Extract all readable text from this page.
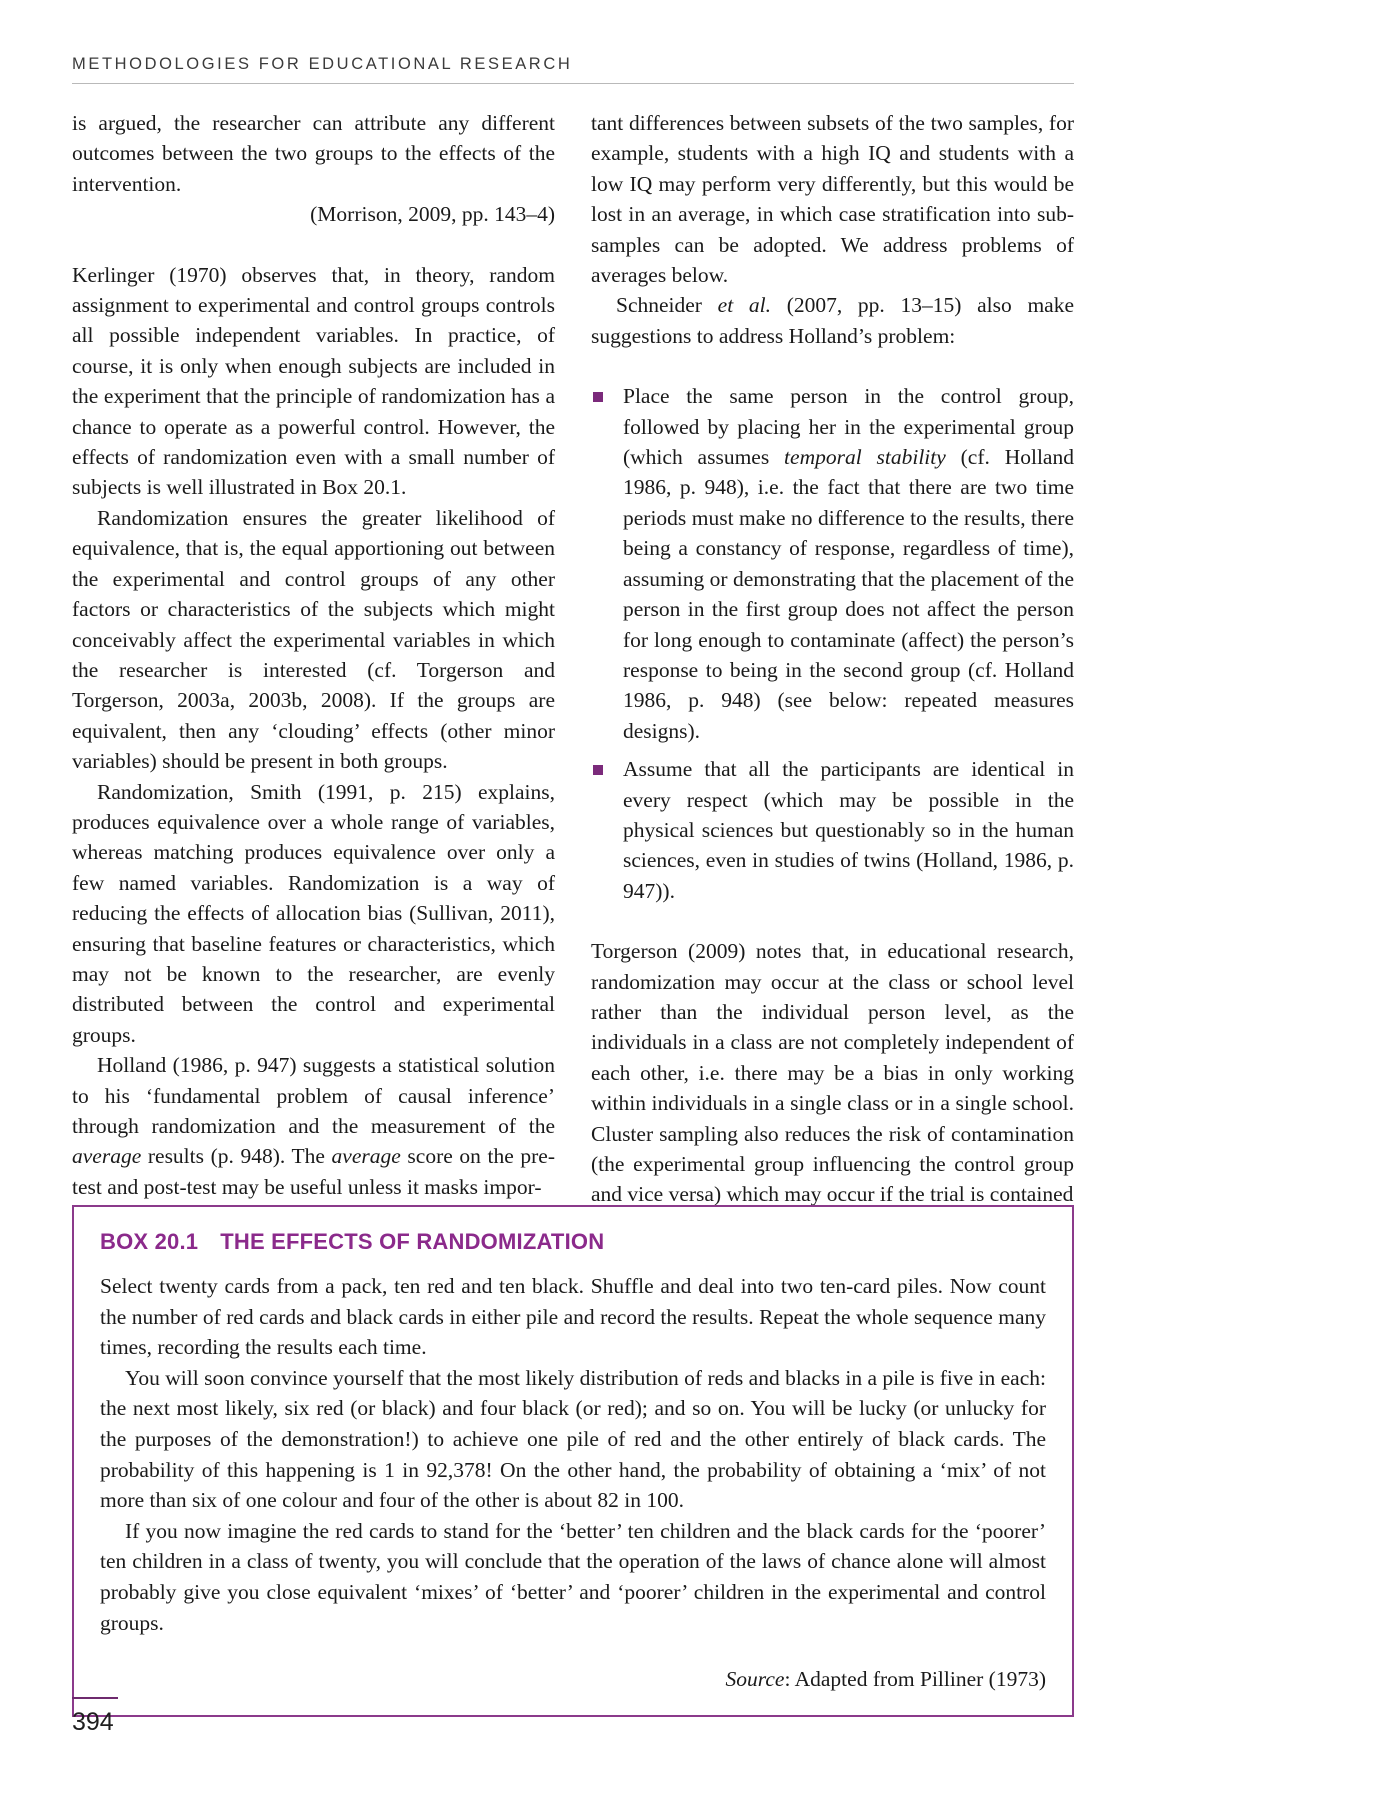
METHODOLOGIES FOR EDUCATIONAL RESEARCH

is argued, the researcher can attribute any different outcomes between the two groups to the effects of the intervention.

(Morrison, 2009, pp. 143–4)

Kerlinger (1970) observes that, in theory, random assignment to experimental and control groups controls all possible independent variables. In practice, of course, it is only when enough subjects are included in the experiment that the principle of randomization has a chance to operate as a powerful control. However, the effects of randomization even with a small number of subjects is well illustrated in Box 20.1.

Randomization ensures the greater likelihood of equivalence, that is, the equal apportioning out between the experimental and control groups of any other factors or characteristics of the subjects which might conceivably affect the experimental variables in which the researcher is interested (cf. Torgerson and Torgerson, 2003a, 2003b, 2008). If the groups are equivalent, then any ‘clouding’ effects (other minor variables) should be present in both groups.

Randomization, Smith (1991, p. 215) explains, produces equivalence over a whole range of variables, whereas matching produces equivalence over only a few named variables. Randomization is a way of reducing the effects of allocation bias (Sullivan, 2011), ensuring that baseline features or characteristics, which may not be known to the researcher, are evenly distributed between the control and experimental groups.

Holland (1986, p. 947) suggests a statistical solution to his ‘fundamental problem of causal inference’ through randomization and the measurement of the average results (p. 948). The average score on the pre-test and post-test may be useful unless it masks impor-

tant differences between subsets of the two samples, for example, students with a high IQ and students with a low IQ may perform very differently, but this would be lost in an average, in which case stratification into sub-samples can be adopted. We address problems of averages below.

Schneider et al. (2007, pp. 13–15) also make suggestions to address Holland’s problem:

Place the same person in the control group, followed by placing her in the experimental group (which assumes temporal stability (cf. Holland 1986, p. 948), i.e. the fact that there are two time periods must make no difference to the results, there being a constancy of response, regardless of time), assuming or demonstrating that the placement of the person in the first group does not affect the person for long enough to contaminate (affect) the person’s response to being in the second group (cf. Holland 1986, p. 948) (see below: repeated measures designs).
Assume that all the participants are identical in every respect (which may be possible in the physical sciences but questionably so in the human sciences, even in studies of twins (Holland, 1986, p. 947)).

Torgerson (2009) notes that, in educational research, randomization may occur at the class or school level rather than the individual person level, as the individuals in a class are not completely independent of each other, i.e. there may be a bias in only working within individuals in a single class or in a single school. Cluster sampling also reduces the risk of contamination (the experimental group influencing the control group and vice versa) which may occur if the trial is contained

BOX 20.1 THE EFFECTS OF RANDOMIZATION

Select twenty cards from a pack, ten red and ten black. Shuffle and deal into two ten-card piles. Now count the number of red cards and black cards in either pile and record the results. Repeat the whole sequence many times, recording the results each time.

You will soon convince yourself that the most likely distribution of reds and blacks in a pile is five in each: the next most likely, six red (or black) and four black (or red); and so on. You will be lucky (or unlucky for the purposes of the demonstration!) to achieve one pile of red and the other entirely of black cards. The probability of this happening is 1 in 92,378! On the other hand, the probability of obtaining a ‘mix’ of not more than six of one colour and four of the other is about 82 in 100.

If you now imagine the red cards to stand for the ‘better’ ten children and the black cards for the ‘poorer’ ten children in a class of twenty, you will conclude that the operation of the laws of chance alone will almost probably give you close equivalent ‘mixes’ of ‘better’ and ‘poorer’ children in the experimental and control groups.

Source: Adapted from Pilliner (1973)

394
